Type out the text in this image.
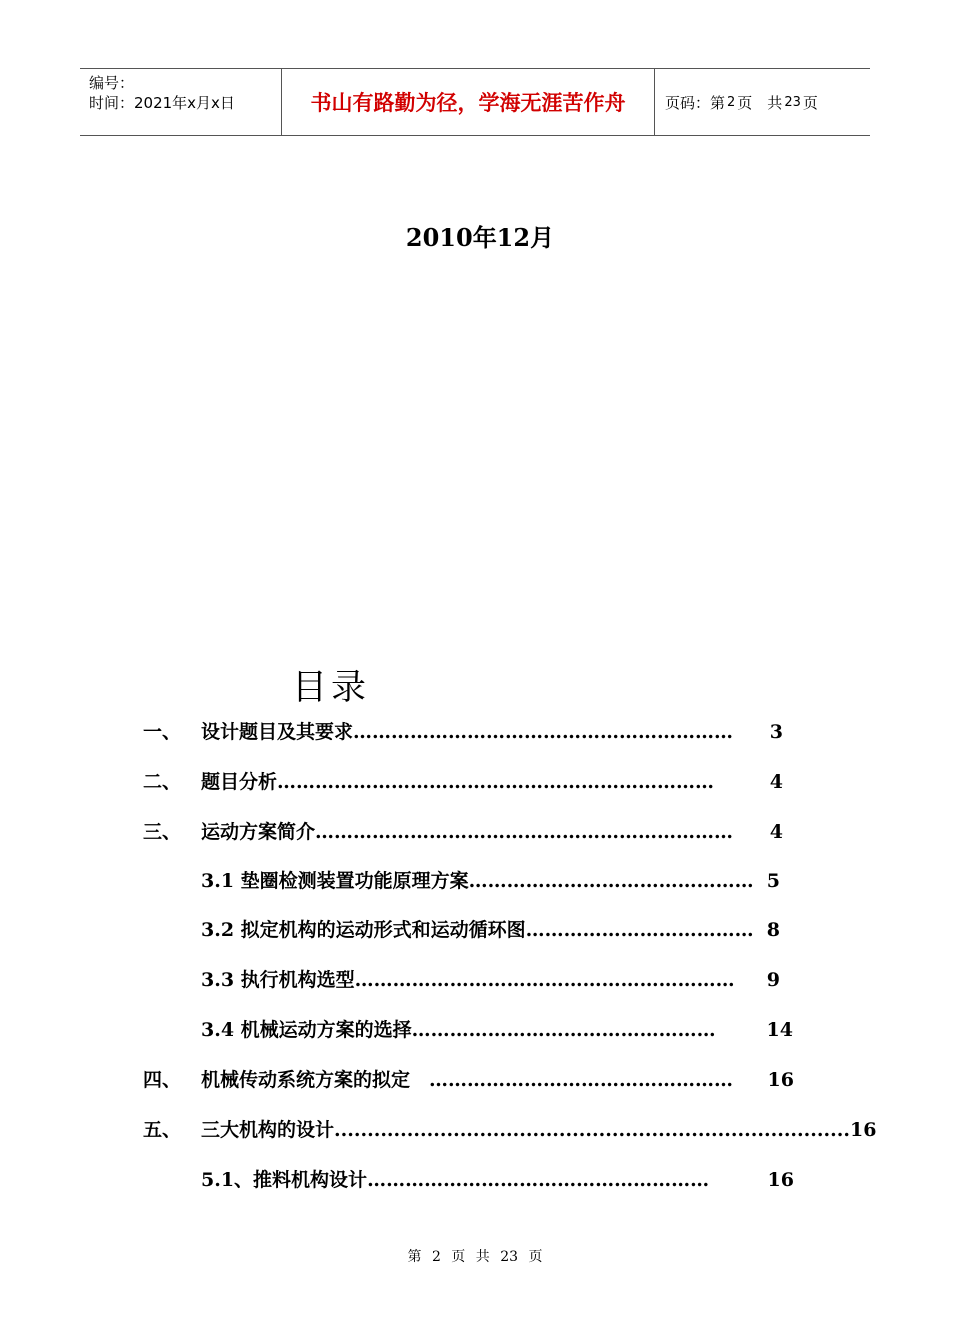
编号：
时间：2021年x月x日	书山有路勤为径，学海无涯苦作舟	页码：第 2 页　共 23 页
2010年12月
目录
一、 设计题目及其要求 ……………………………………………………	3
二、 题目分析 ……………………………………………………………	4
三、 运动方案简介 …………………………………………………………	4
3.1 垫圈检测装置功能原理方案 ……………………………………… 5
3.2 拟定机构的运动形式和运动循环图 ……………………………… 8
3.3 执行机构选型 ……………………………………………………	9
3.4 机械运动方案的选择 …………………………………………	14
四、 机械传动系统方案的拟定 　…………………………………………	16
五、 三大机构的设计 .............................................................................. 16
5.1、推料机构设计 ………………………………………………	16
第 2 页 共 23 页
